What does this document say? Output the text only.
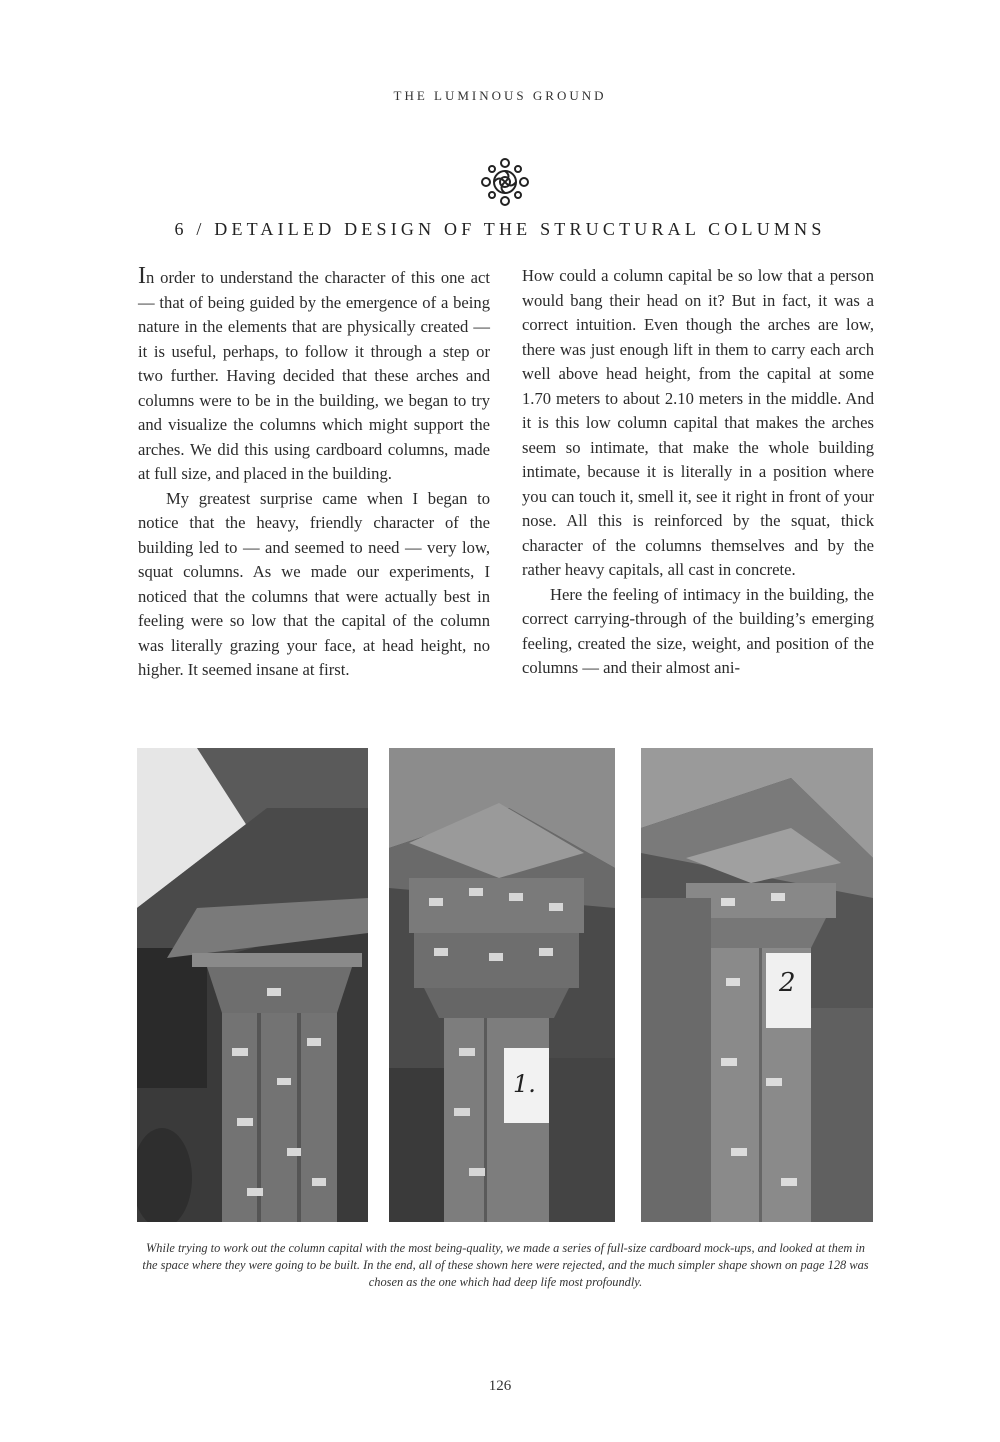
THE LUMINOUS GROUND
6 / DETAILED DESIGN OF THE STRUCTURAL COLUMNS

In order to understand the character of this one act — that of being guided by the emergence of a being nature in the elements that are physically created — it is useful, perhaps, to follow it through a step or two further. Having decided that these arches and columns were to be in the building, we began to try and visualize the columns which might support the arches. We did this using cardboard columns, made at full size, and placed in the building.

My greatest surprise came when I began to notice that the heavy, friendly character of the building led to — and seemed to need — very low, squat columns. As we made our experiments, I noticed that the columns that were actually best in feeling were so low that the capital of the column was literally grazing your face, at head height, no higher. It seemed insane at first.

How could a column capital be so low that a person would bang their head on it? But in fact, it was a correct intuition. Even though the arches are low, there was just enough lift in them to carry each arch well above head height, from the capital at some 1.70 meters to about 2.10 meters in the middle. And it is this low column capital that makes the arches seem so intimate, that make the whole building intimate, because it is literally in a position where you can touch it, smell it, see it right in front of your nose. All this is reinforced by the squat, thick character of the columns themselves and by the rather heavy capitals, all cast in concrete.

Here the feeling of intimacy in the building, the correct carrying-through of the building’s emerging feeling, created the size, weight, and position of the columns — and their almost ani-

1.
2
While trying to work out the column capital with the most being-quality, we made a series of full-size cardboard mock-ups, and looked at them in the space where they were going to be built. In the end, all of these shown here were rejected, and the much simpler shape shown on page 128 was chosen as the one which had deep life most profoundly.
126
